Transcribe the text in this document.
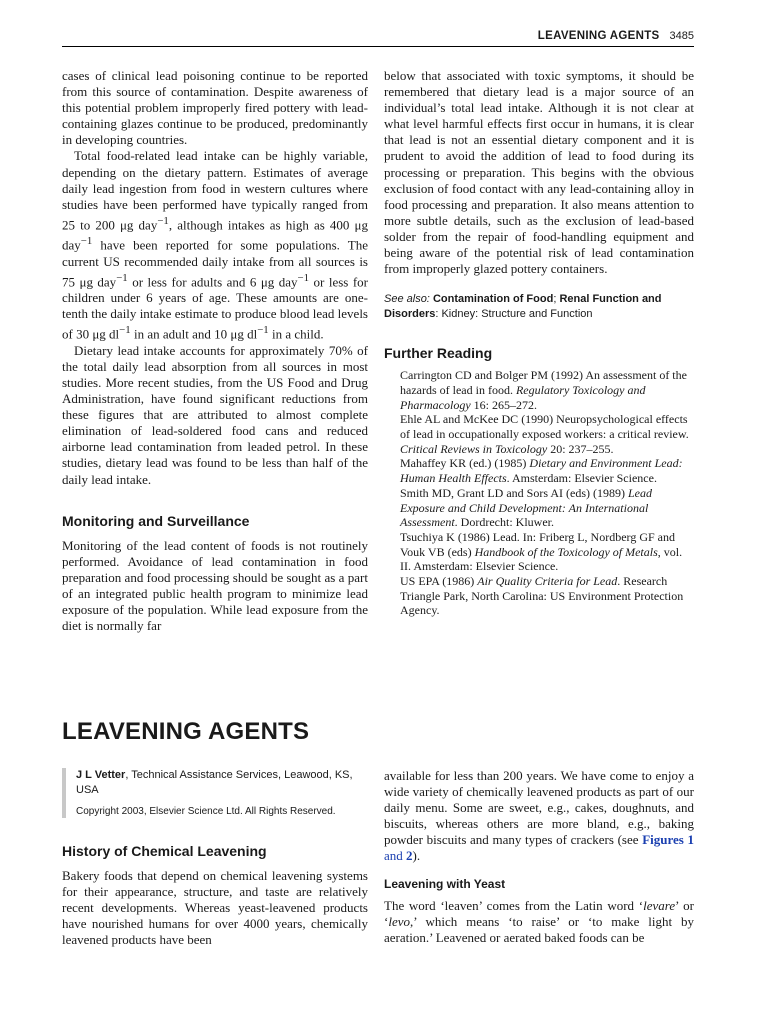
LEAVENING AGENTS 3485

cases of clinical lead poisoning continue to be reported from this source of contamination. Despite awareness of this potential problem improperly fired pottery with lead-containing glazes continue to be produced, predominantly in developing countries.

Total food-related lead intake can be highly variable, depending on the dietary pattern. Estimates of average daily lead ingestion from food in western cultures where studies have been performed have typically ranged from 25 to 200 μg day$^{-1}$, although intakes as high as 400 μg day$^{-1}$ have been reported for some populations. The current US recommended daily intake from all sources is 75 μg day$^{-1}$ or less for adults and 6 μg day$^{-1}$ or less for children under 6 years of age. These amounts are one-tenth the daily intake estimate to produce blood lead levels of 30 μg $dl^{-1}$ in an adult and 10 μg $dl^{-1}$ in a child.

Dietary lead intake accounts for approximately 70% of the total daily lead absorption from all sources in most studies. More recent studies, from the US Food and Drug Administration, have found significant reductions from these figures that are attributed to almost complete elimination of lead-soldered food cans and reduced airborne lead contamination from leaded petrol. In these studies, dietary lead was found to be less than half of the daily lead intake.

Monitoring and Surveillance

Monitoring of the lead content of foods is not routinely performed. Avoidance of lead contamination in food preparation and food processing should be sought as a part of an integrated public health program to minimize lead exposure of the population. While lead exposure from the diet is normally far

below that associated with toxic symptoms, it should be remembered that dietary lead is a major source of an individual’s total lead intake. Although it is not clear at what level harmful effects first occur in humans, it is clear that lead is not an essential dietary component and it is prudent to avoid the addition of lead to food during its processing or preparation. This begins with the obvious exclusion of food contact with any lead-containing alloy in food processing and preparation. It also means attention to more subtle details, such as the exclusion of lead-based solder from the repair of food-handling equipment and being aware of the potential risk of lead contamination from improperly glazed pottery containers.

See also: Contamination of Food; Renal Function and Disorders: Kidney: Structure and Function
Further Reading

Carrington CD and Bolger PM (1992) An assessment of the hazards of lead in food. Regulatory Toxicology and Pharmacology 16: 265–272.

Ehle AL and McKee DC (1990) Neuropsychological effects of lead in occupationally exposed workers: a critical review. Critical Reviews in Toxicology 20: 237–255.

Mahaffey KR (ed.) (1985) Dietary and Environment Lead: Human Health Effects. Amsterdam: Elsevier Science.

Smith MD, Grant LD and Sors AI (eds) (1989) Lead Exposure and Child Development: An International Assessment. Dordrecht: Kluwer.

Tsuchiya K (1986) Lead. In: Friberg L, Nordberg GF and Vouk VB (eds) Handbook of the Toxicology of Metals, vol. II. Amsterdam: Elsevier Science.

US EPA (1986) Air Quality Criteria for Lead. Research Triangle Park, North Carolina: US Environment Protection Agency.

LEAVENING AGENTS
J L Vetter, Technical Assistance Services, Leawood, KS, USA
Copyright 2003, Elsevier Science Ltd. All Rights Reserved.
History of Chemical Leavening

Bakery foods that depend on chemical leavening systems for their appearance, structure, and taste are relatively recent developments. Whereas yeast-leavened products have nourished humans for over 4000 years, chemically leavened products have been

available for less than 200 years. We have come to enjoy a wide variety of chemically leavened products as part of our daily menu. Some are sweet, e.g., cakes, doughnuts, and biscuits, whereas others are more bland, e.g., baking powder biscuits and many types of crackers (see Figures 1 and 2).

Leavening with Yeast

The word ‘leaven’ comes from the Latin word ‘levare’ or ‘levo,’ which means ‘to raise’ or ‘to make light by aeration.’ Leavened or aerated baked foods can be
